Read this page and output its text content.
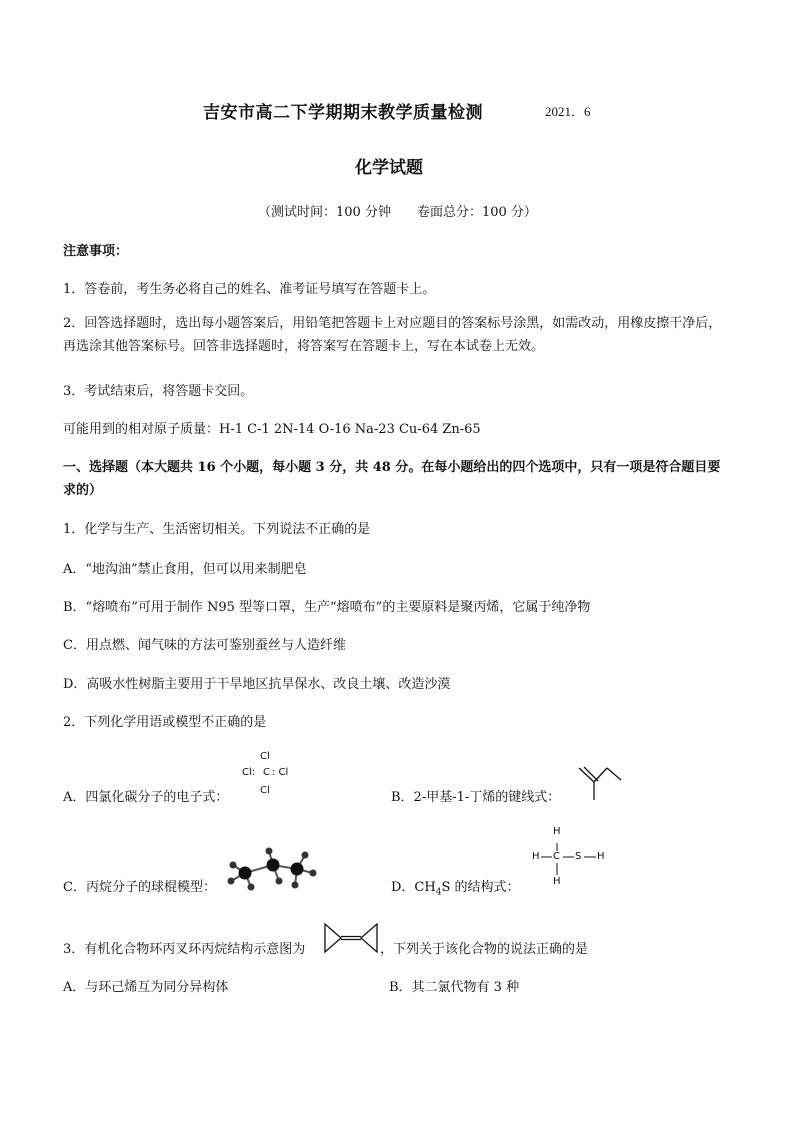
吉安市高二下学期期末教学质量检测	2021．6
化学试题
（测试时间：100 分钟　　卷面总分：100 分）
注意事项：
1．答卷前，考生务必将自己的姓名、准考证号填写在答题卡上。
2．回答选择题时，选出每小题答案后，用铅笔把答题卡上对应题目的答案标号涂黑，如需改动，用橡皮擦干净后，再选涂其他答案标号。回答非选择题时，将答案写在答题卡上，写在本试卷上无效。
3．考试结束后，将答题卡交回。
可能用到的相对原子质量：H-1 C-1 2N-14 O-16 Na-23 Cu-64 Zn-65
一、选择题（本大题共 16 个小题，每小题 3 分，共 48 分。在每小题给出的四个选项中，只有一项是符合题目要求的）
1．化学与生产、生活密切相关。下列说法不正确的是
A．“地沟油”禁止食用，但可以用来制肥皂
B．“熔喷布”可用于制作 N95 型等口罩，生产“熔喷布”的主要原料是聚丙烯，它属于纯净物
C．用点燃、闻气味的方法可鉴别蚕丝与人造纤维
D．高吸水性树脂主要用于干旱地区抗旱保水、改良土壤、改造沙漠
2．下列化学用语或模型不正确的是
A．四氯化碳分子的电子式：
Cl
Cl: C : Cl
Cl	B．2-甲基-1-丁烯的键线式：
C．丙烷分子的球棍模型：	D．$CH_4S$ 的结构式：
H
H C S H
H
3．有机化合物环丙叉环丙烷结构示意图为	，下列关于该化合物的说法正确的是
A．与环己烯互为同分异构体	B．其二氯代物有 3 种
